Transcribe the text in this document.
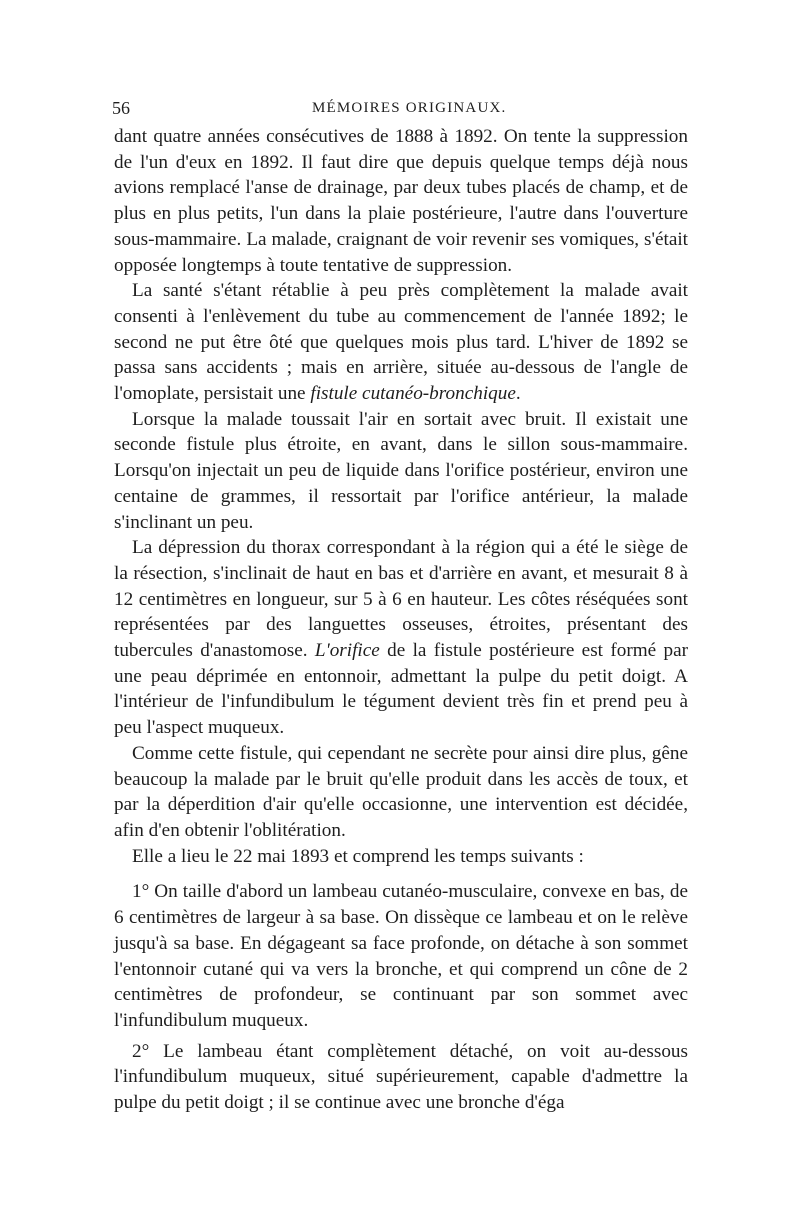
56	MÉMOIRES ORIGINAUX.

dant quatre années consécutives de 1888 à 1892. On tente la suppression de l'un d'eux en 1892. Il faut dire que depuis quelque temps déjà nous avions remplacé l'anse de drainage, par deux tubes placés de champ, et de plus en plus petits, l'un dans la plaie postérieure, l'autre dans l'ouverture sous-mammaire. La malade, craignant de voir revenir ses vomiques, s'était opposée longtemps à toute tentative de suppression.

La santé s'étant rétablie à peu près complètement la malade avait consenti à l'enlèvement du tube au commencement de l'année 1892; le second ne put être ôté que quelques mois plus tard. L'hiver de 1892 se passa sans accidents ; mais en arrière, située au-dessous de l'angle de l'omoplate, persistait une fistule cutanéo-bronchique.

Lorsque la malade toussait l'air en sortait avec bruit. Il existait une seconde fistule plus étroite, en avant, dans le sillon sous-mammaire. Lorsqu'on injectait un peu de liquide dans l'orifice postérieur, environ une centaine de grammes, il ressortait par l'orifice antérieur, la malade s'inclinant un peu.

La dépression du thorax correspondant à la région qui a été le siège de la résection, s'inclinait de haut en bas et d'arrière en avant, et mesurait 8 à 12 centimètres en longueur, sur 5 à 6 en hauteur. Les côtes réséquées sont représentées par des languettes osseuses, étroites, présentant des tubercules d'anastomose. L'orifice de la fistule postérieure est formé par une peau déprimée en entonnoir, admettant la pulpe du petit doigt. A l'intérieur de l'infundibulum le tégument devient très fin et prend peu à peu l'aspect muqueux.

Comme cette fistule, qui cependant ne secrète pour ainsi dire plus, gêne beaucoup la malade par le bruit qu'elle produit dans les accès de toux, et par la déperdition d'air qu'elle occasionne, une intervention est décidée, afin d'en obtenir l'oblitération.

Elle a lieu le 22 mai 1893 et comprend les temps suivants :

1° On taille d'abord un lambeau cutanéo-musculaire, convexe en bas, de 6 centimètres de largeur à sa base. On dissèque ce lambeau et on le relève jusqu'à sa base. En dégageant sa face profonde, on détache à son sommet l'entonnoir cutané qui va vers la bronche, et qui comprend un cône de 2 centimètres de profondeur, se continuant par son sommet avec l'infundibulum muqueux.

2° Le lambeau étant complètement détaché, on voit au-dessous l'infundibulum muqueux, situé supérieurement, capable d'admettre la pulpe du petit doigt ; il se continue avec une bronche d'éga
